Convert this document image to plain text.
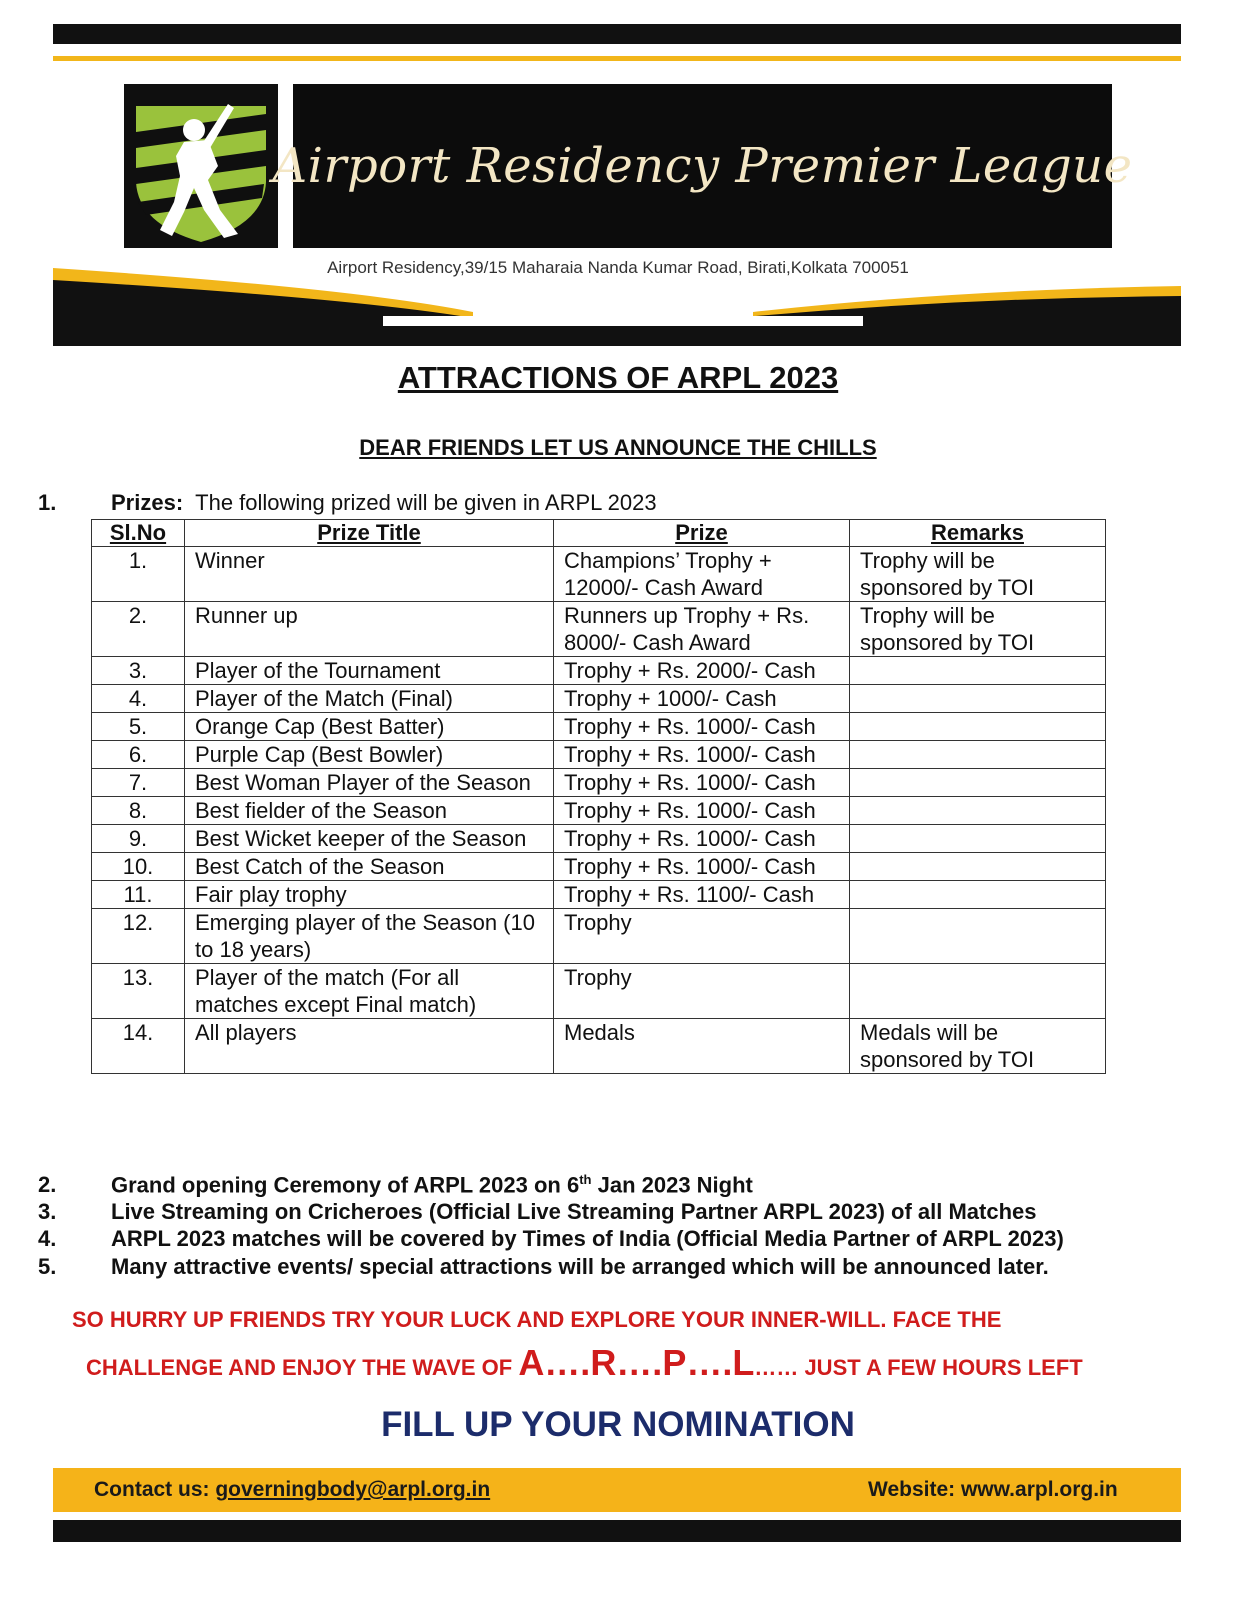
Airport Residency Premier League
Airport Residency,39/15 Maharaia Nanda Kumar Road, Birati,Kolkata 700051
ATTRACTIONS OF ARPL 2023
DEAR FRIENDS LET US ANNOUNCE THE CHILLS
1. Prizes: The following prized will be given in ARPL 2023
Sl.No	Prize Title	Prize	Remarks
1.	Winner	Champions’ Trophy + 12000/- Cash Award	Trophy will be sponsored by TOI
2.	Runner up	Runners up Trophy + Rs. 8000/- Cash Award	Trophy will be sponsored by TOI
3.	Player of the Tournament	Trophy + Rs. 2000/- Cash	
4.	Player of the Match (Final)	Trophy + 1000/- Cash	
5.	Orange Cap (Best Batter)	Trophy + Rs. 1000/- Cash	
6.	Purple Cap (Best Bowler)	Trophy + Rs. 1000/- Cash	
7.	Best Woman Player of the Season	Trophy + Rs. 1000/- Cash	
8.	Best fielder of the Season	Trophy + Rs. 1000/- Cash	
9.	Best Wicket keeper of the Season	Trophy + Rs. 1000/- Cash	
10.	Best Catch of the Season	Trophy + Rs. 1000/- Cash	
11.	Fair play trophy	Trophy + Rs. 1100/- Cash	
12.	Emerging player of the Season (10 to 18 years)	Trophy	
13.	Player of the match (For all matches except Final match)	Trophy	
14.	All players	Medals	Medals will be sponsored by TOI
2. Grand opening Ceremony of ARPL 2023 on 6th Jan 2023 Night
3. Live Streaming on Cricheroes (Official Live Streaming Partner ARPL 2023) of all Matches
4. ARPL 2023 matches will be covered by Times of India (Official Media Partner of ARPL 2023)
5. Many attractive events/ special attractions will be arranged which will be announced later.
SO HURRY UP FRIENDS TRY YOUR LUCK AND EXPLORE YOUR INNER-WILL. FACE THE
CHALLENGE AND ENJOY THE WAVE OF A….R….P….L…… JUST A FEW HOURS LEFT
FILL UP YOUR NOMINATION
Contact us: governingbody@arpl.org.in	Website: www.arpl.org.in
